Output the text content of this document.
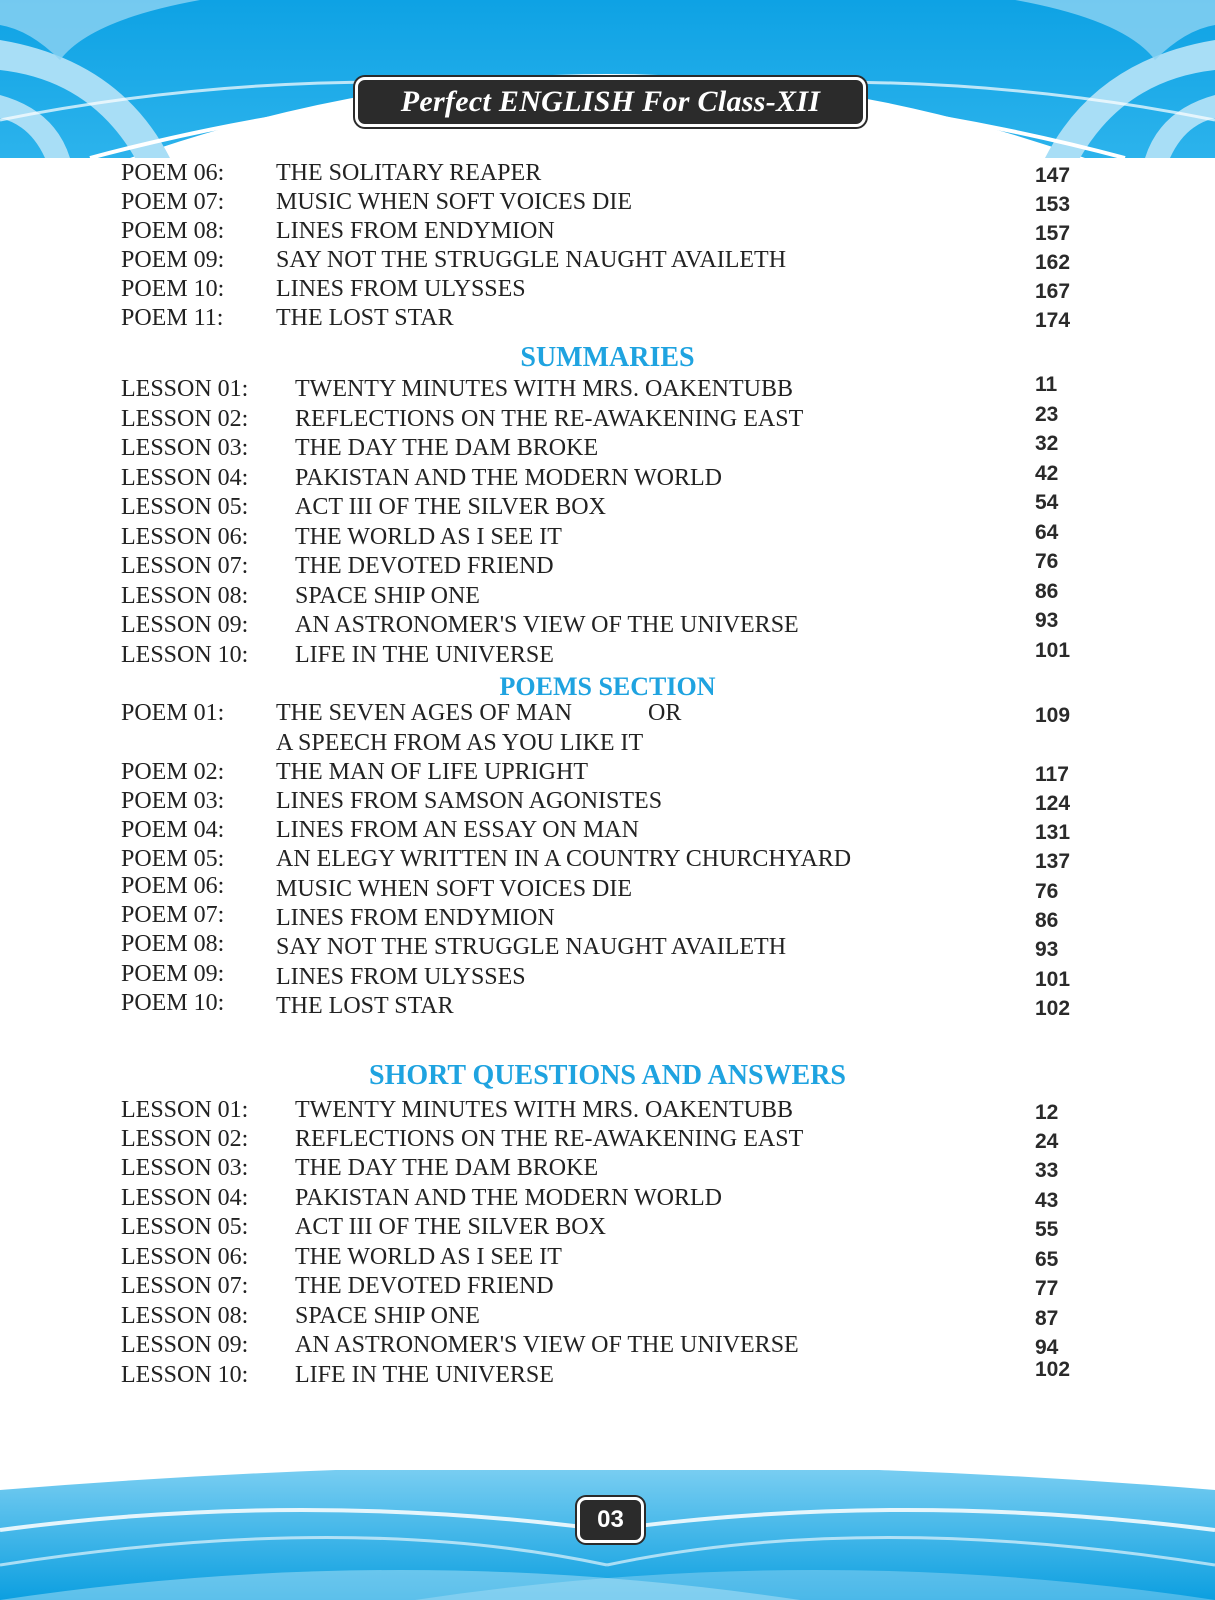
Perfect ENGLISH For Class-XII
POEM 06: THE SOLITARY REAPER	147
POEM 07: MUSIC WHEN SOFT VOICES DIE	153
POEM 08: LINES FROM ENDYMION	157
POEM 09: SAY NOT THE STRUGGLE NAUGHT AVAILETH	162
POEM 10: LINES FROM ULYSSES	167
POEM 11: THE LOST STAR	174
SUMMARIES
LESSON 01: TWENTY MINUTES WITH MRS. OAKENTUBB	11
LESSON 02: REFLECTIONS ON THE RE-AWAKENING EAST	23
LESSON 03: THE DAY THE DAM BROKE	32
LESSON 04: PAKISTAN AND THE MODERN WORLD	42
LESSON 05: ACT III OF THE SILVER BOX	54
LESSON 06: THE WORLD AS I SEE IT	64
LESSON 07: THE DEVOTED FRIEND	76
LESSON 08: SPACE SHIP ONE	86
LESSON 09: AN ASTRONOMER'S VIEW OF THE UNIVERSE	93
LESSON 10: LIFE IN THE UNIVERSE	101
POEMS SECTION
POEM 01: THE SEVEN AGES OF MAN	OR	109
A SPEECH FROM AS YOU LIKE IT
POEM 02: THE MAN OF LIFE UPRIGHT	117
POEM 03: LINES FROM SAMSON AGONISTES	124
POEM 04: LINES FROM AN ESSAY ON MAN	131
POEM 05: AN ELEGY WRITTEN IN A COUNTRY CHURCHYARD	137
POEM 06: MUSIC WHEN SOFT VOICES DIE	76
POEM 07: LINES FROM ENDYMION	86
POEM 08: SAY NOT THE STRUGGLE NAUGHT AVAILETH	93
POEM 09: LINES FROM ULYSSES	101
POEM 10: THE LOST STAR	102
SHORT QUESTIONS AND ANSWERS
LESSON 01: TWENTY MINUTES WITH MRS. OAKENTUBB	12
LESSON 02: REFLECTIONS ON THE RE-AWAKENING EAST	24
LESSON 03: THE DAY THE DAM BROKE	33
LESSON 04: PAKISTAN AND THE MODERN WORLD	43
LESSON 05: ACT III OF THE SILVER BOX	55
LESSON 06: THE WORLD AS I SEE IT	65
LESSON 07: THE DEVOTED FRIEND	77
LESSON 08: SPACE SHIP ONE	87
LESSON 09: AN ASTRONOMER'S VIEW OF THE UNIVERSE	94
LESSON 10: LIFE IN THE UNIVERSE	102
03
